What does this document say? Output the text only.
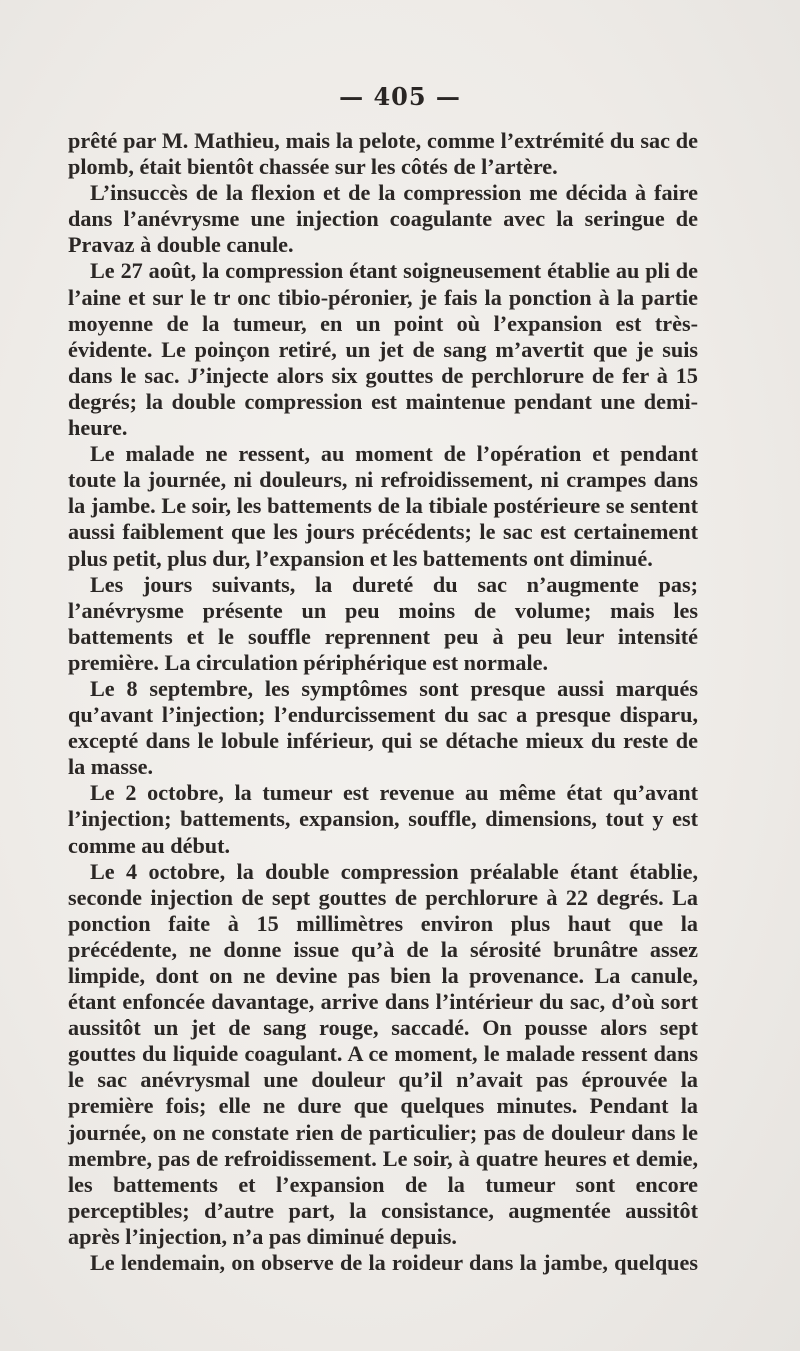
— 405 —

prêté par M. Mathieu, mais la pelote, comme l’extrémité du sac de plomb, était bientôt chassée sur les côtés de l’artère.

L’insuccès de la flexion et de la compression me décida à faire dans l’anévrysme une injection coagulante avec la seringue de Pravaz à double canule.

Le 27 août, la compression étant soigneusement établie au pli de l’aine et sur le tr onc tibio-péronier, je fais la ponction à la partie moyenne de la tumeur, en un point où l’expansion est très-évidente. Le poinçon retiré, un jet de sang m’avertit que je suis dans le sac. J’injecte alors six gouttes de perchlorure de fer à 15 degrés; la double compression est maintenue pendant une demi-heure.

Le malade ne ressent, au moment de l’opération et pendant toute la journée, ni douleurs, ni refroidissement, ni crampes dans la jambe. Le soir, les battements de la tibiale postérieure se sentent aussi faiblement que les jours précédents; le sac est certainement plus petit, plus dur, l’expansion et les battements ont diminué.

Les jours suivants, la dureté du sac n’augmente pas; l’anévrysme présente un peu moins de volume; mais les battements et le souffle reprennent peu à peu leur intensité première. La circulation périphérique est normale.

Le 8 septembre, les symptômes sont presque aussi marqués qu’avant l’injection; l’endurcissement du sac a presque disparu, excepté dans le lobule inférieur, qui se détache mieux du reste de la masse.

Le 2 octobre, la tumeur est revenue au même état qu’avant l’injection; battements, expansion, souffle, dimensions, tout y est comme au début.

Le 4 octobre, la double compression préalable étant établie, seconde injection de sept gouttes de perchlorure à 22 degrés. La ponction faite à 15 millimètres environ plus haut que la précédente, ne donne issue qu’à de la sérosité brunâtre assez limpide, dont on ne devine pas bien la provenance. La canule, étant enfoncée davantage, arrive dans l’intérieur du sac, d’où sort aussitôt un jet de sang rouge, saccadé. On pousse alors sept gouttes du liquide coagulant. A ce moment, le malade ressent dans le sac anévrysmal une douleur qu’il n’avait pas éprouvée la première fois; elle ne dure que quelques minutes. Pendant la journée, on ne constate rien de particulier; pas de douleur dans le membre, pas de refroidissement. Le soir, à quatre heures et demie, les battements et l’expansion de la tumeur sont encore perceptibles; d’autre part, la consistance, augmentée aussitôt après l’injection, n’a pas diminué depuis.

Le lendemain, on observe de la roideur dans la jambe, quelques
